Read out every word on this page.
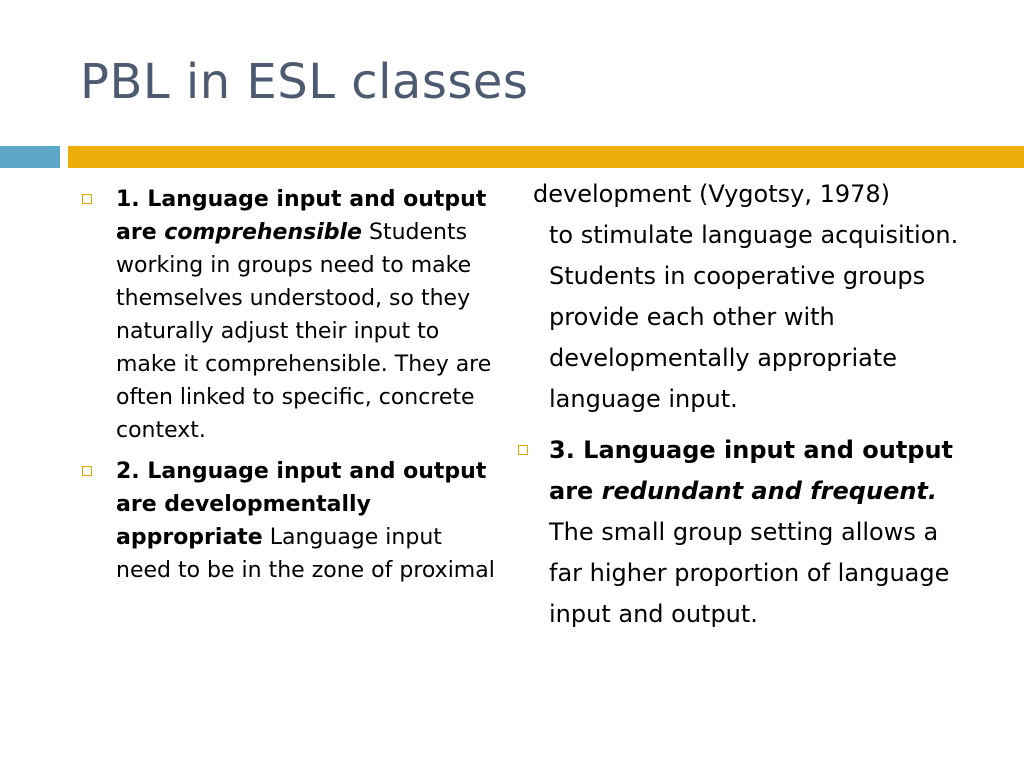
PBL in ESL classes
1. Language input and output are comprehensible Students working in groups need to make themselves understood, so they naturally adjust their input to make it comprehensible. They are often linked to specific, concrete context.
2. Language input and output are developmentally appropriate Language input need to be in the zone of proximal
development (Vygotsy, 1978)
to stimulate language acquisition. Students in cooperative groups provide each other with developmentally appropriate language input.
3. Language input and output are redundant and frequent. The small group setting allows a far higher proportion of language input and output.
